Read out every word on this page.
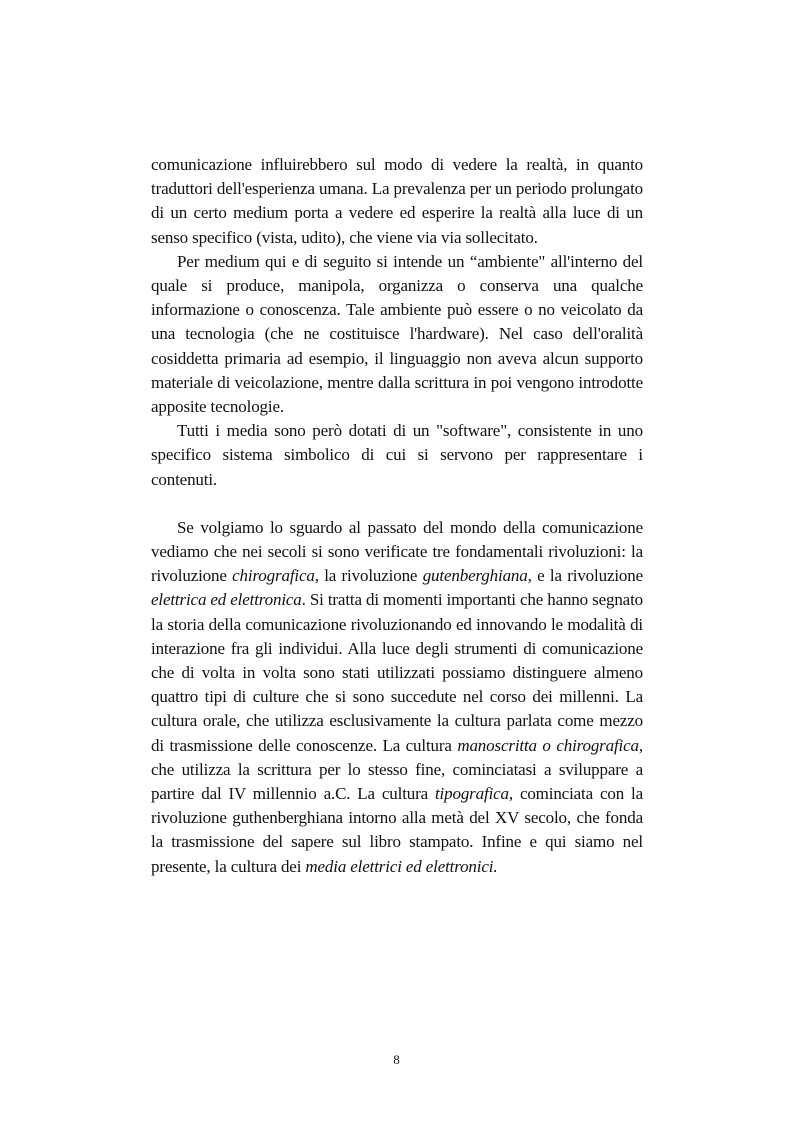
comunicazione influirebbero sul modo di vedere la realtà, in quanto traduttori dell'esperienza umana. La prevalenza per un periodo prolungato di un certo medium porta a vedere ed esperire la realtà alla luce di un senso specifico (vista, udito), che viene via via sollecitato.

Per medium qui e di seguito si intende un “ambiente" all'interno del quale si produce, manipola, organizza o conserva una qualche informazione o conoscenza. Tale ambiente può essere o no veicolato da una tecnologia (che ne costituisce l'hardware). Nel caso dell'oralità cosiddetta primaria ad esempio, il linguaggio non aveva alcun supporto materiale di veicolazione, mentre dalla scrittura in poi vengono introdotte apposite tecnologie.

Tutti i media sono però dotati di un "software", consistente in uno specifico sistema simbolico di cui si servono per rappresentare i contenuti.

Se volgiamo lo sguardo al passato del mondo della comunicazione vediamo che nei secoli si sono verificate tre fondamentali rivoluzioni: la rivoluzione chirografica, la rivoluzione gutenberghiana, e la rivoluzione elettrica ed elettronica. Si tratta di momenti importanti che hanno segnato la storia della comunicazione rivoluzionando ed innovando le modalità di interazione fra gli individui. Alla luce degli strumenti di comunicazione che di volta in volta sono stati utilizzati possiamo distinguere almeno quattro tipi di culture che si sono succedute nel corso dei millenni. La cultura orale, che utilizza esclusivamente la cultura parlata come mezzo di trasmissione delle conoscenze. La cultura manoscritta o chirografica, che utilizza la scrittura per lo stesso fine, cominciatasi a sviluppare a partire dal IV millennio a.C. La cultura tipografica, cominciata con la rivoluzione guthenberghiana intorno alla metà del XV secolo, che fonda la trasmissione del sapere sul libro stampato. Infine e qui siamo nel presente, la cultura dei media elettrici ed elettronici.

8
